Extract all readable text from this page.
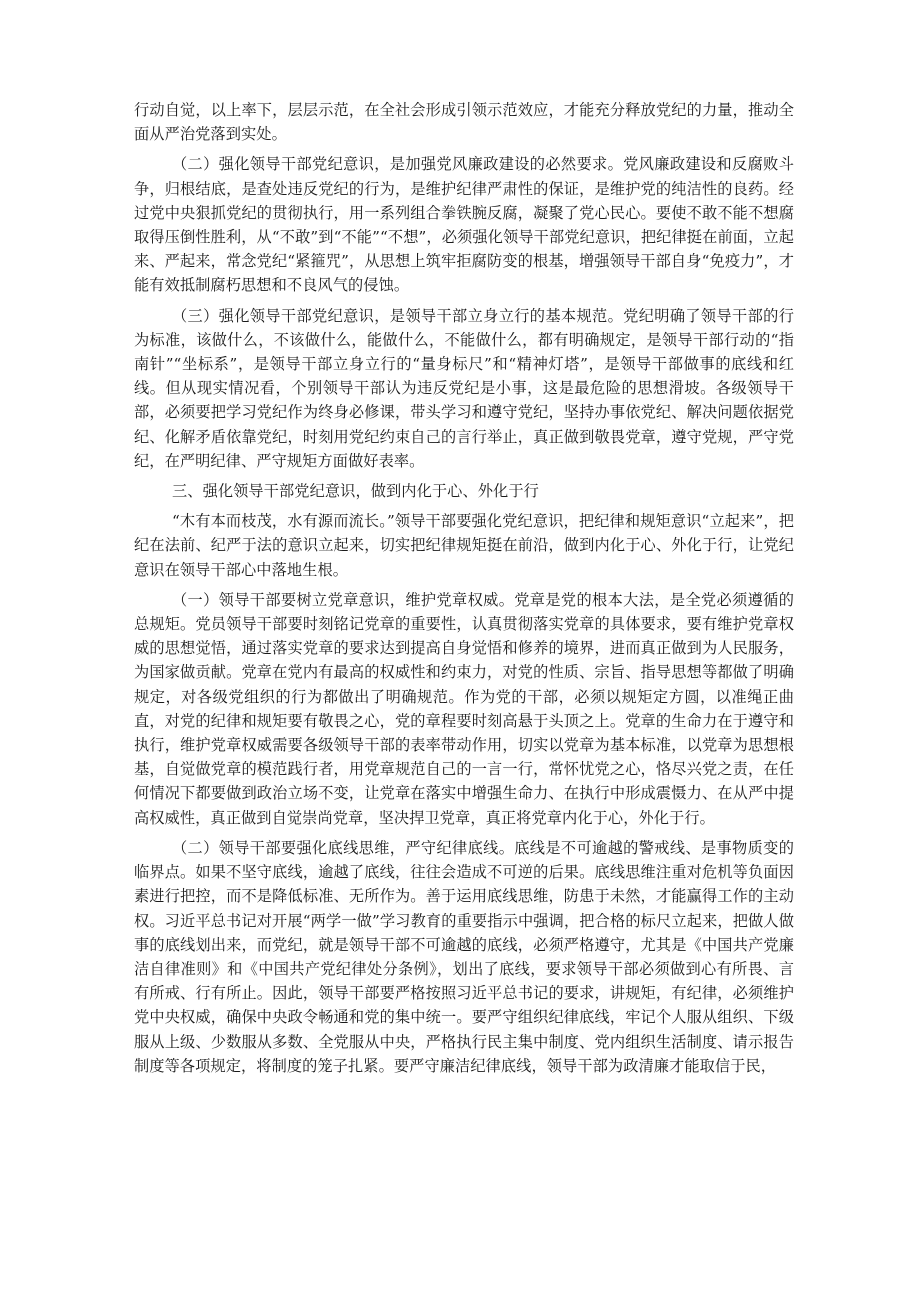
行动自觉，以上率下，层层示范，在全社会形成引领示范效应，才能充分释放党纪的力量，推动全面从严治党落到实处。

（二）强化领导干部党纪意识，是加强党风廉政建设的必然要求。党风廉政建设和反腐败斗争，归根结底，是查处违反党纪的行为，是维护纪律严肃性的保证，是维护党的纯洁性的良药。经过党中央狠抓党纪的贯彻执行，用一系列组合拳铁腕反腐，凝聚了党心民心。要使不敢不能不想腐取得压倒性胜利，从“不敢”到“不能”“不想”，必须强化领导干部党纪意识，把纪律挺在前面，立起来、严起来，常念党纪“紧箍咒”，从思想上筑牢拒腐防变的根基，增强领导干部自身“免疫力”，才能有效抵制腐朽思想和不良风气的侵蚀。

（三）强化领导干部党纪意识，是领导干部立身立行的基本规范。党纪明确了领导干部的行为标准，该做什么，不该做什么，能做什么，不能做什么，都有明确规定，是领导干部行动的“指南针”“坐标系”，是领导干部立身立行的“量身标尺”和“精神灯塔”，是领导干部做事的底线和红线。但从现实情况看，个别领导干部认为违反党纪是小事，这是最危险的思想滑坡。各级领导干部，必须要把学习党纪作为终身必修课，带头学习和遵守党纪，坚持办事依党纪、解决问题依据党纪、化解矛盾依靠党纪，时刻用党纪约束自己的言行举止，真正做到敬畏党章，遵守党规，严守党纪，在严明纪律、严守规矩方面做好表率。

三、强化领导干部党纪意识，做到内化于心、外化于行

“木有本而枝茂，水有源而流长。”领导干部要强化党纪意识，把纪律和规矩意识“立起来”，把纪在法前、纪严于法的意识立起来，切实把纪律规矩挺在前沿，做到内化于心、外化于行，让党纪意识在领导干部心中落地生根。

（一）领导干部要树立党章意识，维护党章权威。党章是党的根本大法，是全党必须遵循的总规矩。党员领导干部要时刻铭记党章的重要性，认真贯彻落实党章的具体要求，要有维护党章权威的思想觉悟，通过落实党章的要求达到提高自身觉悟和修养的境界，进而真正做到为人民服务，为国家做贡献。党章在党内有最高的权威性和约束力，对党的性质、宗旨、指导思想等都做了明确规定，对各级党组织的行为都做出了明确规范。作为党的干部，必须以规矩定方圆，以准绳正曲直，对党的纪律和规矩要有敬畏之心，党的章程要时刻高悬于头顶之上。党章的生命力在于遵守和执行，维护党章权威需要各级领导干部的表率带动作用，切实以党章为基本标准，以党章为思想根基，自觉做党章的模范践行者，用党章规范自己的一言一行，常怀忧党之心，恪尽兴党之责，在任何情况下都要做到政治立场不变，让党章在落实中增强生命力、在执行中形成震慑力、在从严中提高权威性，真正做到自觉崇尚党章，坚决捍卫党章，真正将党章内化于心，外化于行。

（二）领导干部要强化底线思维，严守纪律底线。底线是不可逾越的警戒线、是事物质变的临界点。如果不坚守底线，逾越了底线，往往会造成不可逆的后果。底线思维注重对危机等负面因素进行把控，而不是降低标准、无所作为。善于运用底线思维，防患于未然，才能赢得工作的主动权。习近平总书记对开展“两学一做”学习教育的重要指示中强调，把合格的标尺立起来，把做人做事的底线划出来，而党纪，就是领导干部不可逾越的底线，必须严格遵守，尤其是《中国共产党廉洁自律准则》和《中国共产党纪律处分条例》，划出了底线，要求领导干部必须做到心有所畏、言有所戒、行有所止。因此，领导干部要严格按照习近平总书记的要求，讲规矩，有纪律，必须维护党中央权威，确保中央政令畅通和党的集中统一。要严守组织纪律底线，牢记个人服从组织、下级服从上级、少数服从多数、全党服从中央，严格执行民主集中制度、党内组织生活制度、请示报告制度等各项规定，将制度的笼子扎紧。要严守廉洁纪律底线，领导干部为政清廉才能取信于民，
